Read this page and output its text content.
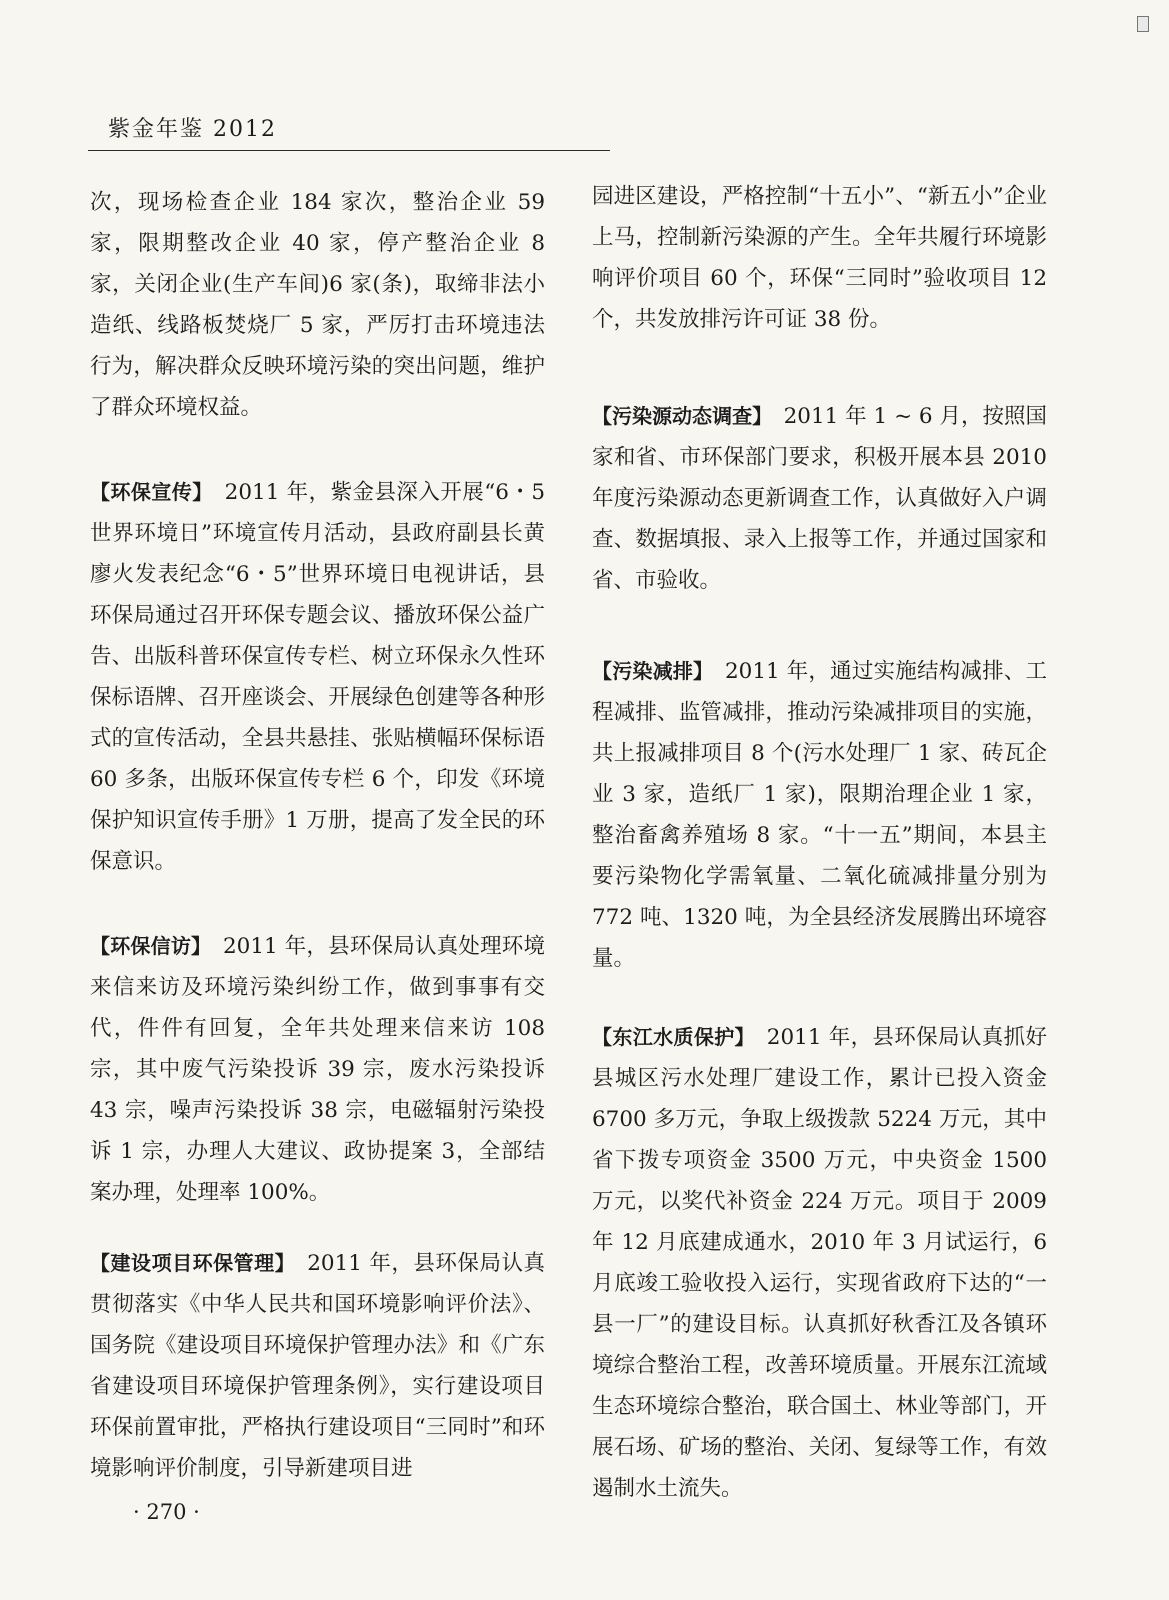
紫金年鉴 2012

次，现场检查企业 184 家次，整治企业 59 家，限期整改企业 40 家，停产整治企业 8 家，关闭企业(生产车间)6 家(条)，取缔非法小造纸、线路板焚烧厂 5 家，严厉打击环境违法行为，解决群众反映环境污染的突出问题，维护了群众环境权益。

【环保宣传】　2011 年，紫金县深入开展“6・5世界环境日”环境宣传月活动，县政府副县长黄廖火发表纪念“6・5”世界环境日电视讲话，县环保局通过召开环保专题会议、播放环保公益广告、出版科普环保宣传专栏、树立环保永久性环保标语牌、召开座谈会、开展绿色创建等各种形式的宣传活动，全县共悬挂、张贴横幅环保标语 60 多条，出版环保宣传专栏 6 个，印发《环境保护知识宣传手册》1 万册，提高了发全民的环保意识。

【环保信访】　2011 年，县环保局认真处理环境来信来访及环境污染纠纷工作，做到事事有交代，件件有回复，全年共处理来信来访 108 宗，其中废气污染投诉 39 宗，废水污染投诉 43 宗，噪声污染投诉 38 宗，电磁辐射污染投诉 1 宗，办理人大建议、政协提案 3，全部结案办理，处理率 100%。

【建设项目环保管理】　2011 年，县环保局认真贯彻落实《中华人民共和国环境影响评价法》、国务院《建设项目环境保护管理办法》和《广东省建设项目环境保护管理条例》，实行建设项目环保前置审批，严格执行建设项目“三同时”和环境影响评价制度，引导新建项目进

园进区建设，严格控制“十五小”、“新五小”企业上马，控制新污染源的产生。全年共履行环境影响评价项目 60 个，环保“三同时”验收项目 12 个，共发放排污许可证 38 份。

【污染源动态调查】　2011 年 1 ~ 6 月，按照国家和省、市环保部门要求，积极开展本县 2010 年度污染源动态更新调查工作，认真做好入户调查、数据填报、录入上报等工作，并通过国家和省、市验收。

【污染减排】　2011 年，通过实施结构减排、工程减排、监管减排，推动污染减排项目的实施，共上报减排项目 8 个(污水处理厂 1 家、砖瓦企业 3 家，造纸厂 1 家)，限期治理企业 1 家，整治畜禽养殖场 8 家。“十一五”期间，本县主要污染物化学需氧量、二氧化硫减排量分别为 772 吨、1320 吨，为全县经济发展腾出环境容量。

【东江水质保护】　2011 年，县环保局认真抓好县城区污水处理厂建设工作，累计已投入资金 6700 多万元，争取上级拨款 5224 万元，其中省下拨专项资金 3500 万元，中央资金 1500 万元，以奖代补资金 224 万元。项目于 2009 年 12 月底建成通水，2010 年 3 月试运行，6 月底竣工验收投入运行，实现省政府下达的“一县一厂”的建设目标。认真抓好秋香江及各镇环境综合整治工程，改善环境质量。开展东江流域生态环境综合整治，联合国土、林业等部门，开展石场、矿场的整治、关闭、复绿等工作，有效遏制水土流失。

· 270 ·
